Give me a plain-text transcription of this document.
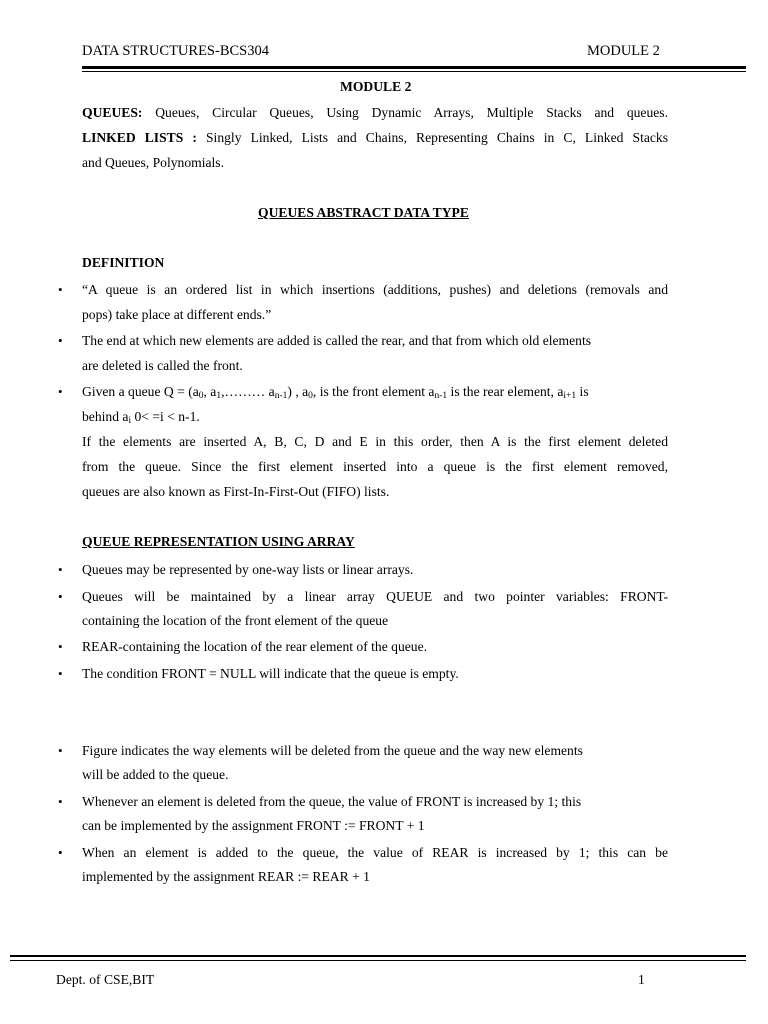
DATA STRUCTURES-BCS304	MODULE 2
MODULE 2
QUEUES: Queues, Circular Queues, Using Dynamic Arrays, Multiple Stacks and queues.
LINKED LISTS : Singly Linked, Lists and Chains, Representing Chains in C, Linked Stacks
and Queues, Polynomials.
QUEUES ABSTRACT DATA TYPE
DEFINITION
• “A queue is an ordered list in which insertions (additions, pushes) and deletions (removals and
pops) take place at different ends.”
• The end at which new elements are added is called the rear, and that from which old elements
are deleted is called the front.
• Given a queue $Q = (a_0$, $a_1,\dots\dots\dots$ $a_{n-1}$) , $a_0$, is the front element $a_{n-1}$ is the rear element, $a_{i+1}$ is
behind $a_i$ 0< =i < n-1.
If the elements are inserted A, B, C, D and E in this order, then A is the first element deleted
from the queue. Since the first element inserted into a queue is the first element removed,
queues are also known as First-In-First-Out (FIFO) lists.
QUEUE REPRESENTATION USING ARRAY
• Queues may be represented by one-way lists or linear arrays.
• Queues will be maintained by a linear array QUEUE and two pointer variables: FRONT-
containing the location of the front element of the queue
• REAR-containing the location of the rear element of the queue.
• The condition FRONT = NULL will indicate that the queue is empty.
• Figure indicates the way elements will be deleted from the queue and the way new elements
will be added to the queue.
• Whenever an element is deleted from the queue, the value of FRONT is increased by 1; this
can be implemented by the assignment FRONT := FRONT + 1
• When an element is added to the queue, the value of REAR is increased by 1; this can be
implemented by the assignment REAR := REAR + 1
Dept. of CSE,BIT	1
